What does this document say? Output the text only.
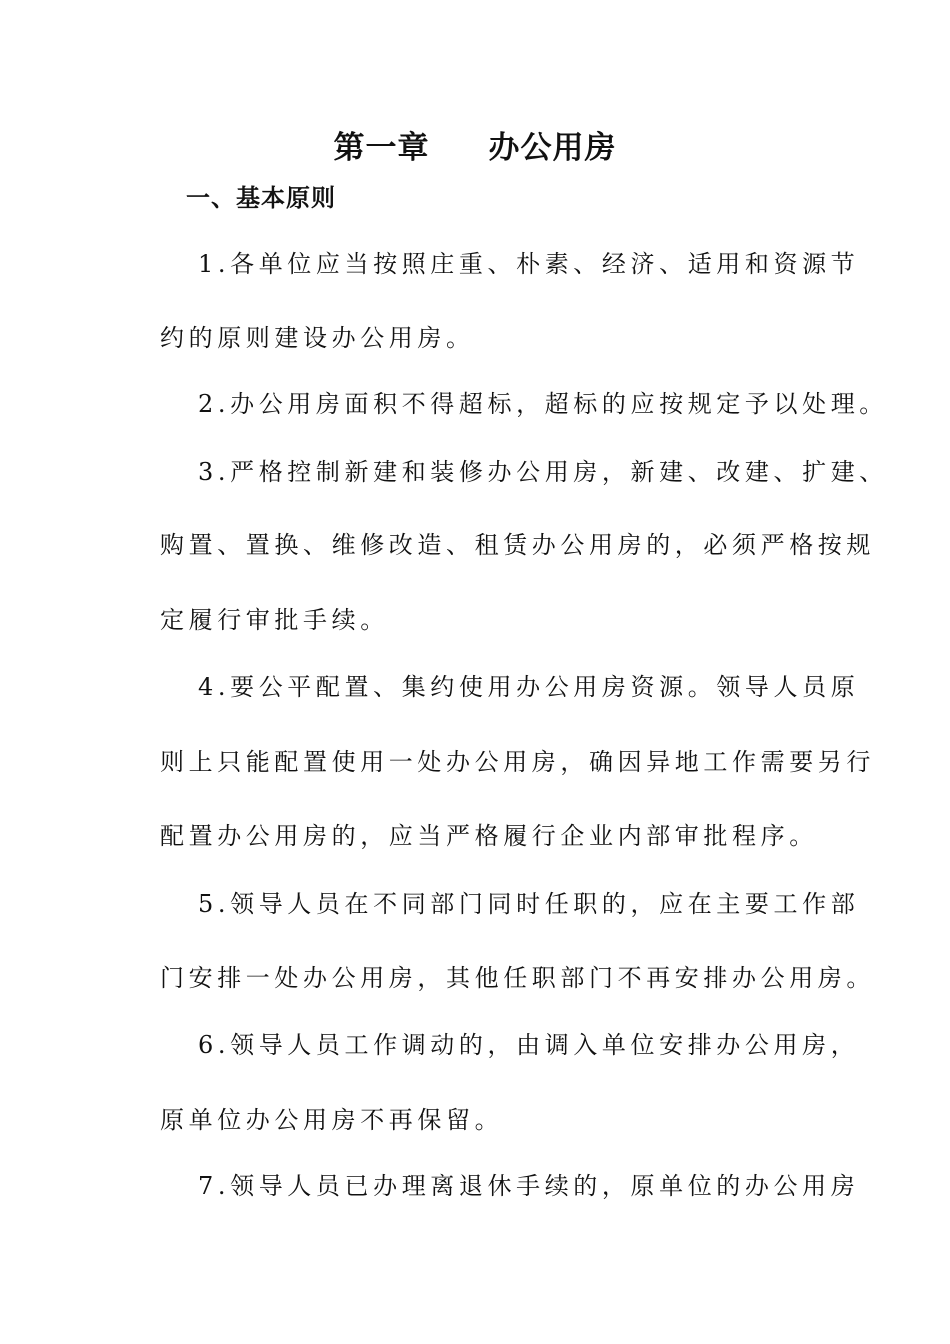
第一章     办公用房
一、基本原则
1.各单位应当按照庄重、朴素、经济、适用和资源节
约的原则建设办公用房。
2.办公用房面积不得超标，超标的应按规定予以处理。
3.严格控制新建和装修办公用房，新建、改建、扩建、
购置、置换、维修改造、租赁办公用房的，必须严格按规
定履行审批手续。
4.要公平配置、集约使用办公用房资源。领导人员原
则上只能配置使用一处办公用房，确因异地工作需要另行
配置办公用房的，应当严格履行企业内部审批程序。
5.领导人员在不同部门同时任职的，应在主要工作部
门安排一处办公用房，其他任职部门不再安排办公用房。
6.领导人员工作调动的，由调入单位安排办公用房，
原单位办公用房不再保留。
7.领导人员已办理离退休手续的，原单位的办公用房
